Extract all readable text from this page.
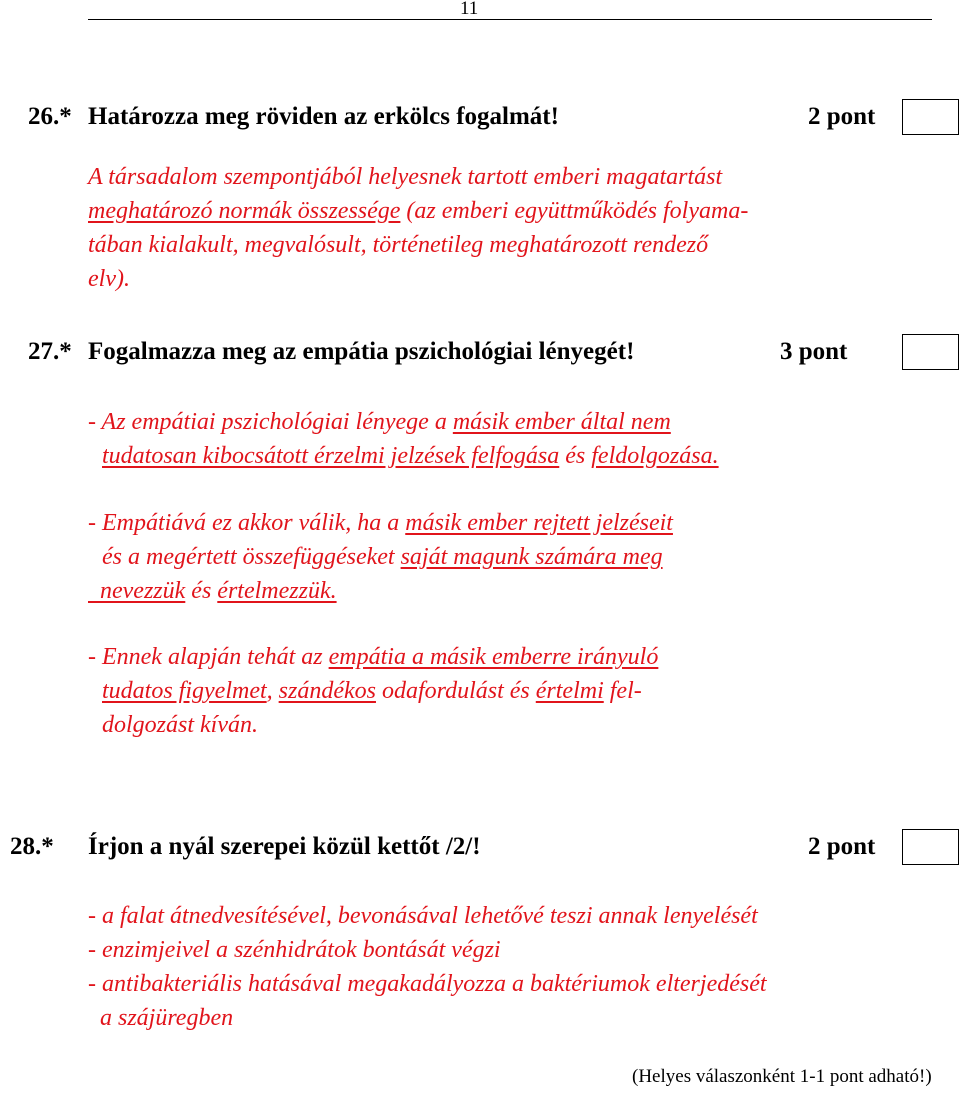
11
26.* Határozza meg röviden az erkölcs fogalmát!	2 pont
A társadalom szempontjából helyesnek tartott emberi magatartást
meghatározó normák összessége (az emberi együttműködés folyama-
tában kialakult, megvalósult, történetileg meghatározott rendező
elv).
27.* Fogalmazza meg az empátia pszichológiai lényegét!	3 pont
- Az empátiai pszichológiai lényege a másik ember által nem
tudatosan kibocsátott érzelmi jelzések felfogása és feldolgozása.
- Empátiává ez akkor válik, ha a másik ember rejtett jelzéseit
és a megértett összefüggéseket saját magunk számára meg
nevezzük és értelmezzük.
- Ennek alapján tehát az empátia a másik emberre irányuló
tudatos figyelmet, szándékos odafordulást és értelmi fel-
dolgozást kíván.
28.* Írjon a nyál szerepei közül kettőt /2/!	2 pont
- a falat átnedvesítésével, bevonásával lehetővé teszi annak lenyelését
- enzimjeivel a szénhidrátok bontását végzi
- antibakteriális hatásával megakadályozza a baktériumok elterjedését
a szájüregben
(Helyes válaszonként 1-1 pont adható!)
